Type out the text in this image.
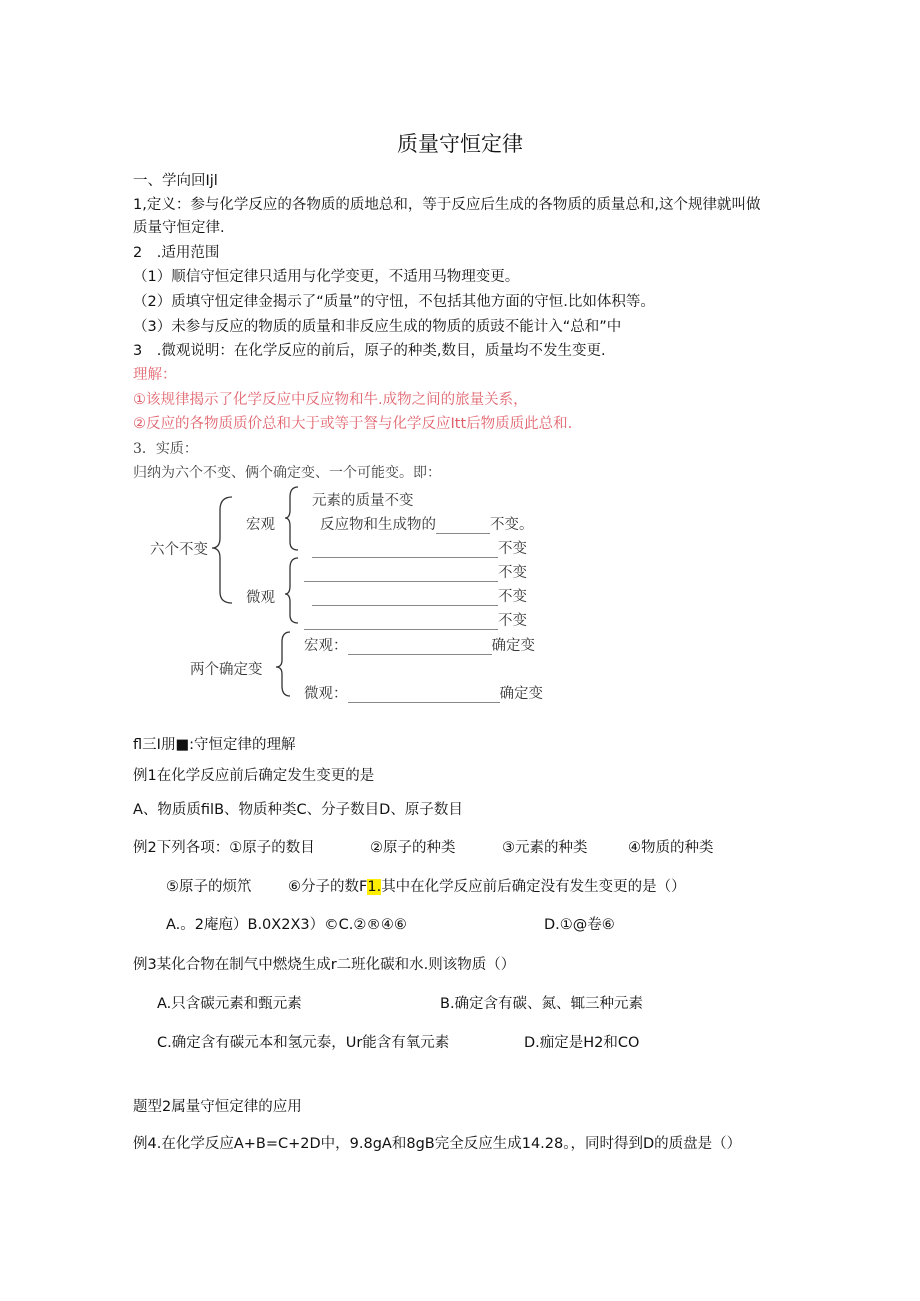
质量守恒定律
一、学向回Ijl
1,定义：参与化学反应的各物质的质地总和，等于反应后生成的各物质的质量总和,这个规律就叫做
质量守恒定律.
2　.适用范围
（1）顺信守恒定律只适用与化学变更，不适用马物理变更。
（2）质填守忸定律金揭示了“质量”的守忸，不包括其他方面的守恒.比如体积等。
（3）未参与反应的物质的质量和非反应生成的物质的质豉不能计入“总和”中
3　.微观说明：在化学反应的前后，原子的种类,数目，质量均不发生变更.
理解：
①该规律揭示了化学反应中反应物和牛.成物之间的旅量关系，
②反应的各物质质价总和大于或等于詧与化学反应Itt后物质质此总和.
3．实质：
归纳为六个不变、俩个确定变、一个可能变。即：
六个不变
宏观
微观
元素的质量不变
反应物和生成物的	不变。
不变
不变
不变
不变
两个确定变
宏观：	确定变
微观：	确定变
fl三I朋■:守恒定律的理解
例1在化学反应前后确定发生变更的是
A、物质质filB、物质种类C、分子数目D、原子数目
例2下列各项：①原子的数目	②原子的种类	③元素的种类	④物质的种类
⑤原子的烦笊	⑥分子的数F1.其中在化学反应前后确定没有发生变更的是（）
A.。2庵庖）B.0X2X3）©C.②®④⑥	D.①@卷⑥
例3某化合物在制气中燃烧生成r二班化碳和水.则该物质（）
A.只含碳元素和甄元素	B.确定含有碳、氮、辄三种元素
C.确定含有碳元本和氢元泰，Ur能含有氧元素	D.痂定是H2和CO
题型2属量守恒定律的应用
例4.在化学反应A+B=C+2D中，9.8gA和8gB完全反应生成14.28。，同时得到D的质盘是（）
